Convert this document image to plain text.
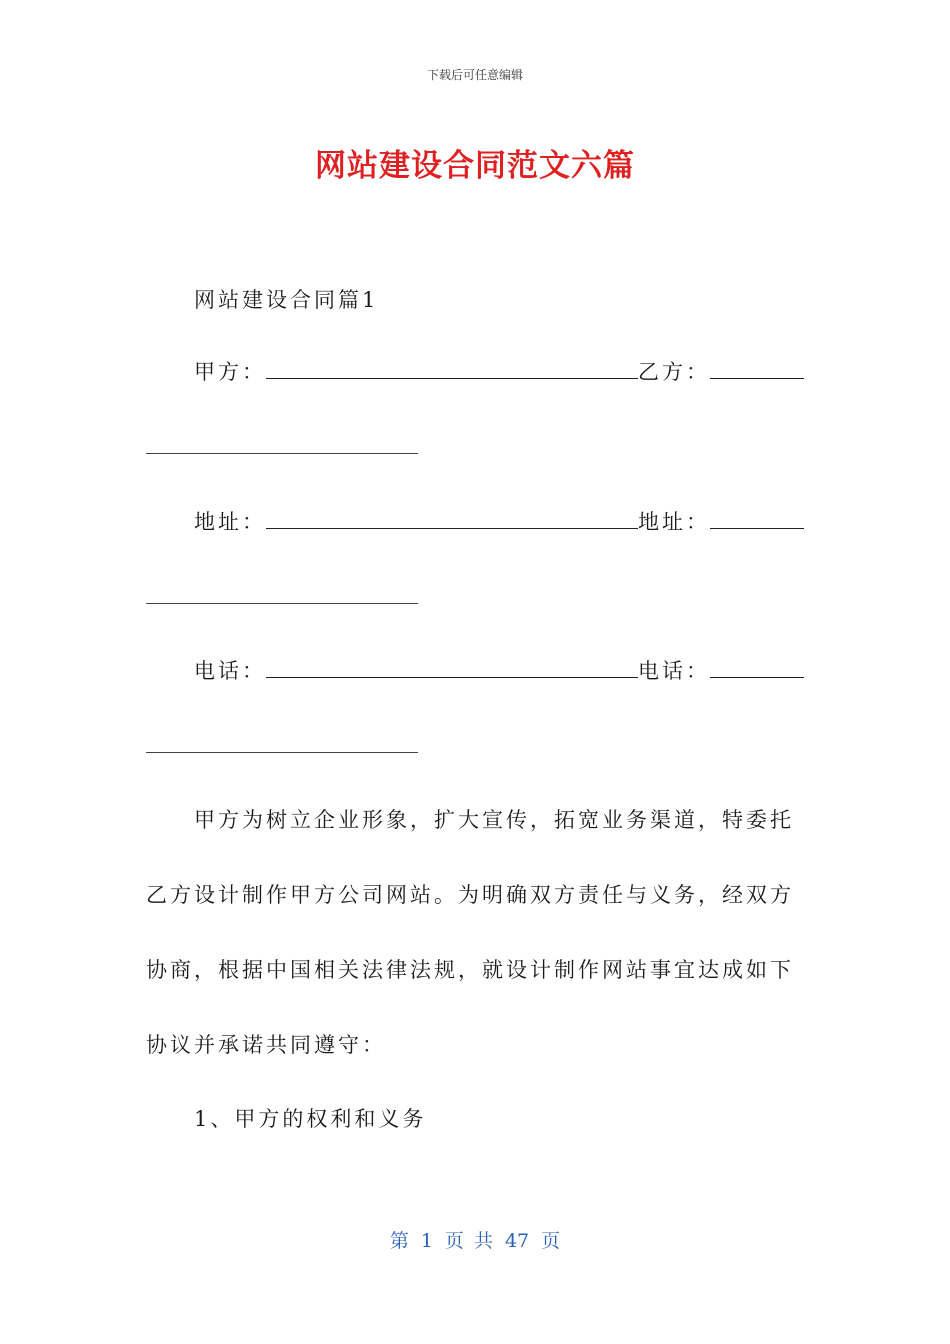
下载后可任意编辑
网站建设合同范文六篇
网站建设合同篇1
甲方：	乙方：
地址：	地址：
电话：	电话：
甲方为树立企业形象，扩大宣传，拓宽业务渠道，特委托
乙方设计制作甲方公司网站。为明确双方责任与义务，经双方
协商，根据中国相关法律法规，就设计制作网站事宜达成如下
协议并承诺共同遵守：
1、甲方的权利和义务
第 1 页 共 47 页
